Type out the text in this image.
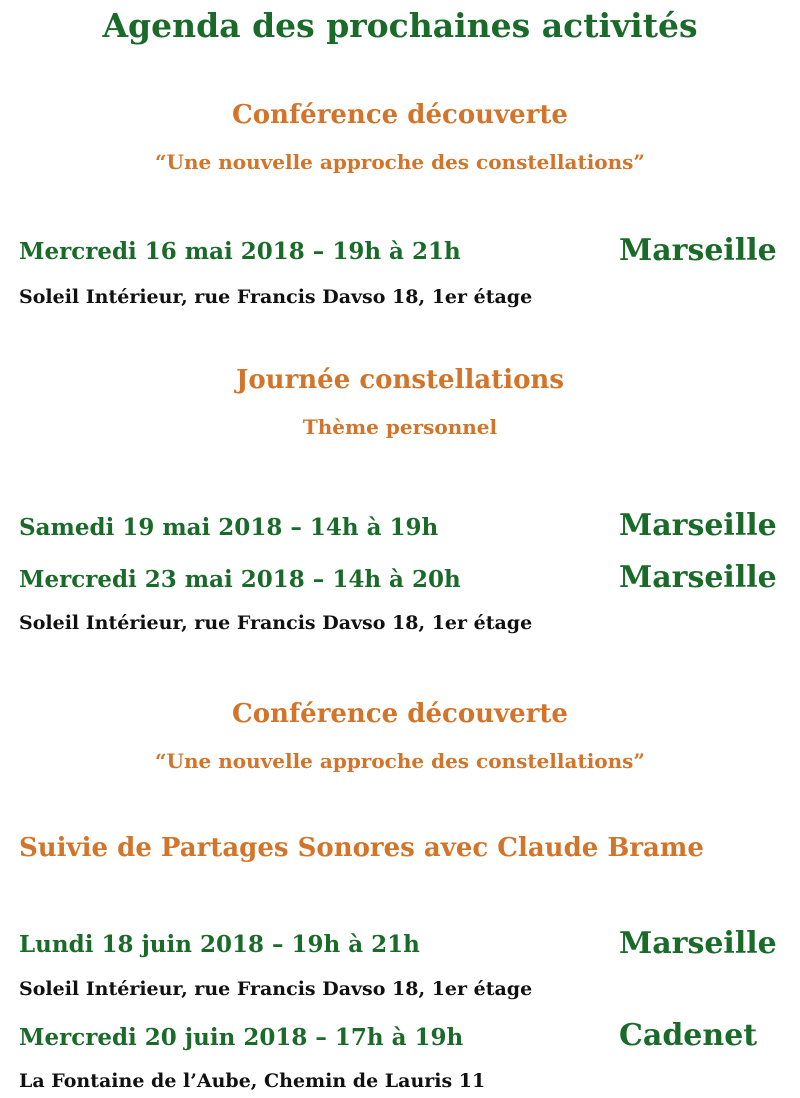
Agenda des prochaines activités
Conférence découverte
“Une nouvelle approche des constellations”
Mercredi 16 mai 2018 – 19h à 21h	Marseille
Soleil Intérieur, rue Francis Davso 18, 1er étage
Journée constellations
Thème personnel
Samedi 19 mai 2018 – 14h à 19h	Marseille
Mercredi 23 mai 2018 – 14h à 20h	Marseille
Soleil Intérieur, rue Francis Davso 18, 1er étage
Conférence découverte
“Une nouvelle approche des constellations”
Suivie de Partages Sonores avec Claude Brame
Lundi 18 juin 2018 – 19h à 21h	Marseille
Soleil Intérieur, rue Francis Davso 18, 1er étage
Mercredi 20 juin 2018 – 17h à 19h	Cadenet
La Fontaine de l’Aube, Chemin de Lauris 11
